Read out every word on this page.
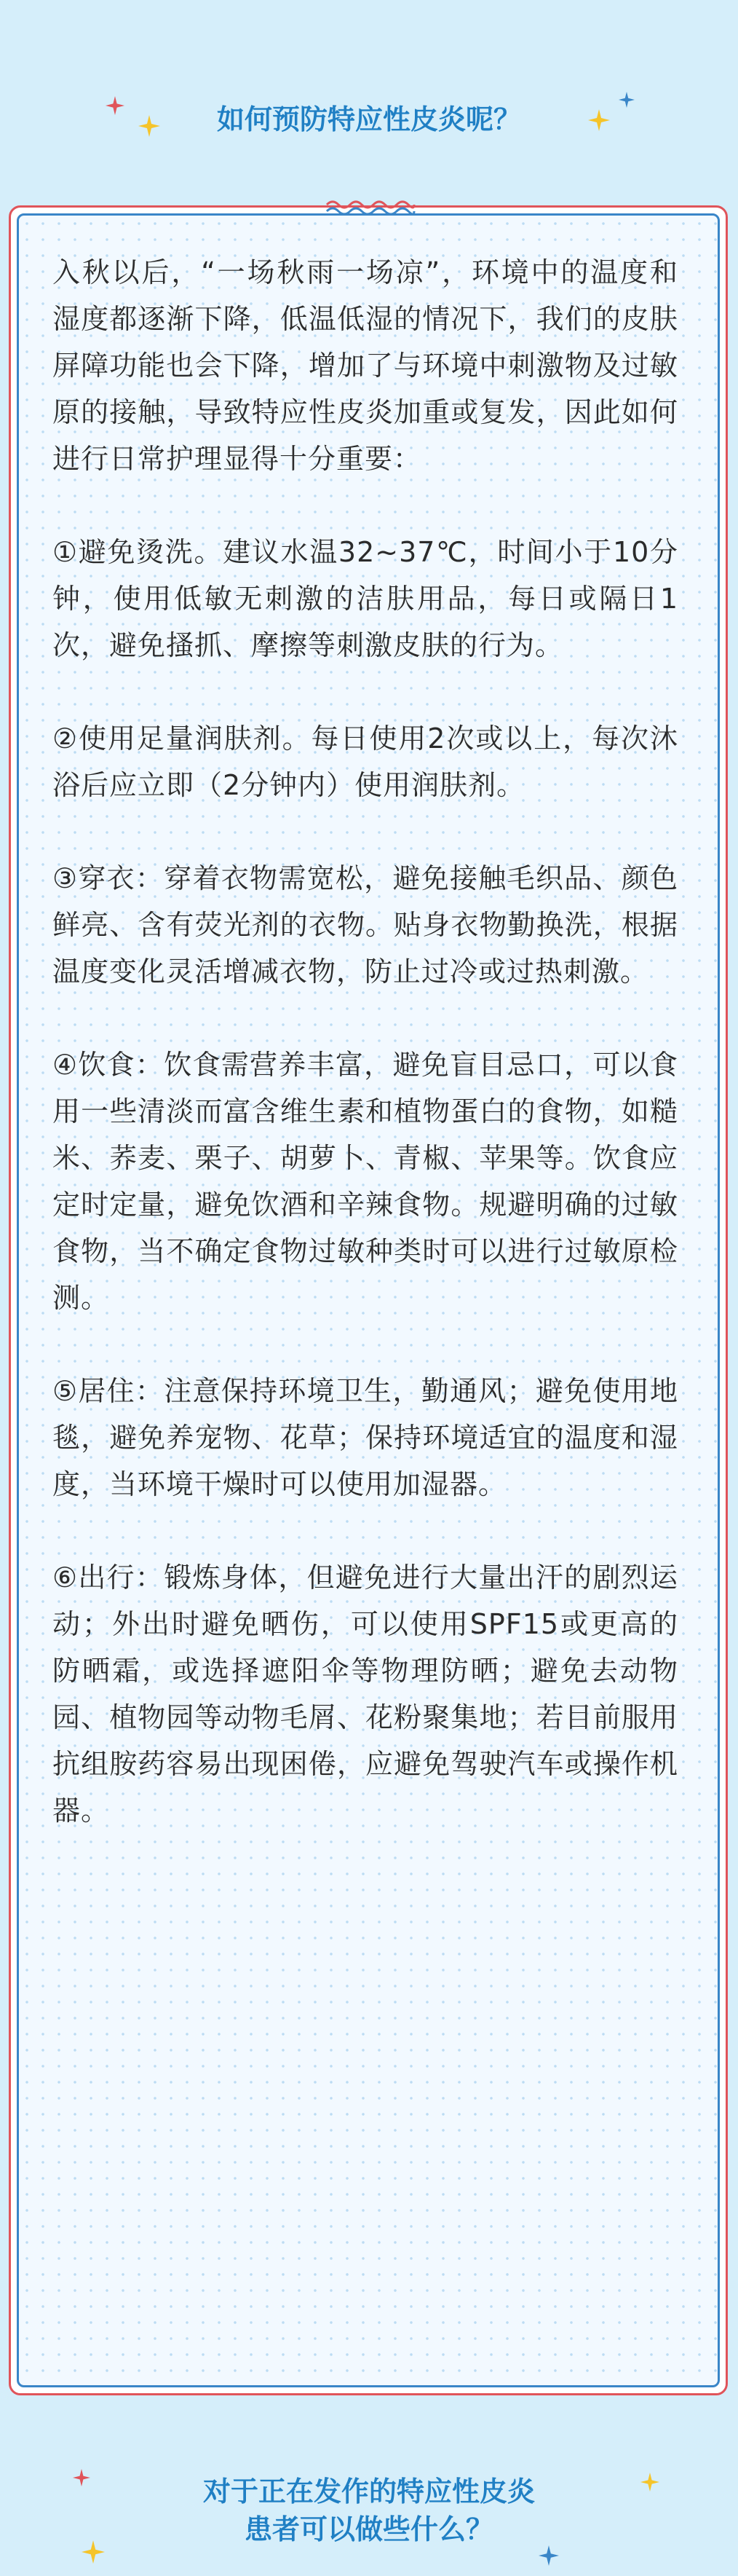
如何预防特应性皮炎呢？

入秋以后，“一场秋雨一场凉”，环境中的温度和湿度都逐渐下降，低温低湿的情况下，我们的皮肤屏障功能也会下降，增加了与环境中刺激物及过敏原的接触，导致特应性皮炎加重或复发，因此如何进行日常护理显得十分重要：

①避免烫洗。建议水温32~37℃，时间小于10分钟，使用低敏无刺激的洁肤用品，每日或隔日1次，避免搔抓、摩擦等刺激皮肤的行为。

②使用足量润肤剂。每日使用2次或以上，每次沐浴后应立即（2分钟内）使用润肤剂。

③穿衣：穿着衣物需宽松，避免接触毛织品、颜色鲜亮、含有荧光剂的衣物。贴身衣物勤换洗，根据温度变化灵活增减衣物，防止过冷或过热刺激。

④饮食：饮食需营养丰富，避免盲目忌口，可以食用一些清淡而富含维生素和植物蛋白的食物，如糙米、荞麦、栗子、胡萝卜、青椒、苹果等。饮食应定时定量，避免饮酒和辛辣食物。规避明确的过敏食物，当不确定食物过敏种类时可以进行过敏原检测。

⑤居住：注意保持环境卫生，勤通风；避免使用地毯，避免养宠物、花草；保持环境适宜的温度和湿度，当环境干燥时可以使用加湿器。

⑥出行：锻炼身体，但避免进行大量出汗的剧烈运动；外出时避免晒伤，可以使用SPF15或更高的防晒霜，或选择遮阳伞等物理防晒；避免去动物园、植物园等动物毛屑、花粉聚集地；若目前服用抗组胺药容易出现困倦，应避免驾驶汽车或操作机器。

对于正在发作的特应性皮炎
患者可以做些什么？
